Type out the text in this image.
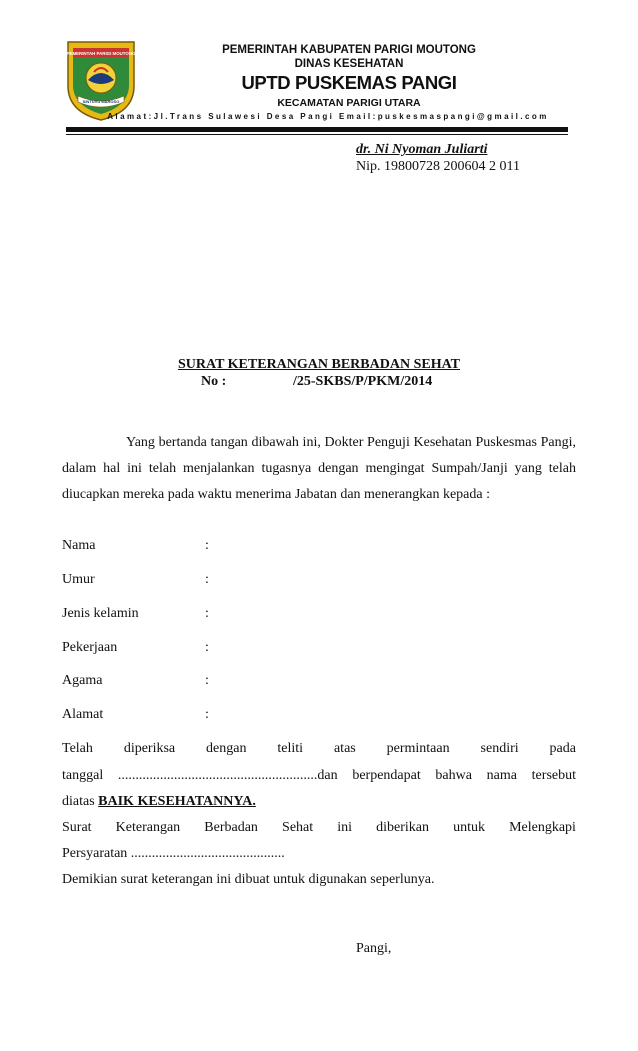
PEMERINTAH PARIGI MOUTONG
SINTUVU MAROSO
PEMERINTAH KABUPATEN PARIGI MOUTONG
DINAS KESEHATAN
UPTD PUSKEMAS PANGI
KECAMATAN PARIGI UTARA
Alamat:Jl.Trans Sulawesi Desa Pangi Email:puskesmaspangi@gmail.com
dr. Ni Nyoman Juliarti
Nip. 19800728 200604 2 011
SURAT KETERANGAN BERBADAN SEHAT
No :	/25-SKBS/P/PKM/2014
Yang bertanda tangan dibawah ini, Dokter Penguji Kesehatan Puskesmas Pangi, dalam hal ini telah menjalankan tugasnya dengan mengingat Sumpah/Janji yang telah diucapkan mereka pada waktu menerima Jabatan dan menerangkan kepada :
Nama	:
Umur	:
Jenis kelamin	:
Pekerjaan	:
Agama	:
Alamat	:
Telah diperiksa dengan teliti atas permintaan sendiri pada
tanggal .........................................................dan berpendapat bahwa nama tersebut
diatas BAIK KESEHATANNYA.
Surat Keterangan Berbadan Sehat ini diberikan untuk Melengkapi
Persyaratan ............................................
Demikian surat keterangan ini dibuat untuk digunakan seperlunya.
Pangi,
